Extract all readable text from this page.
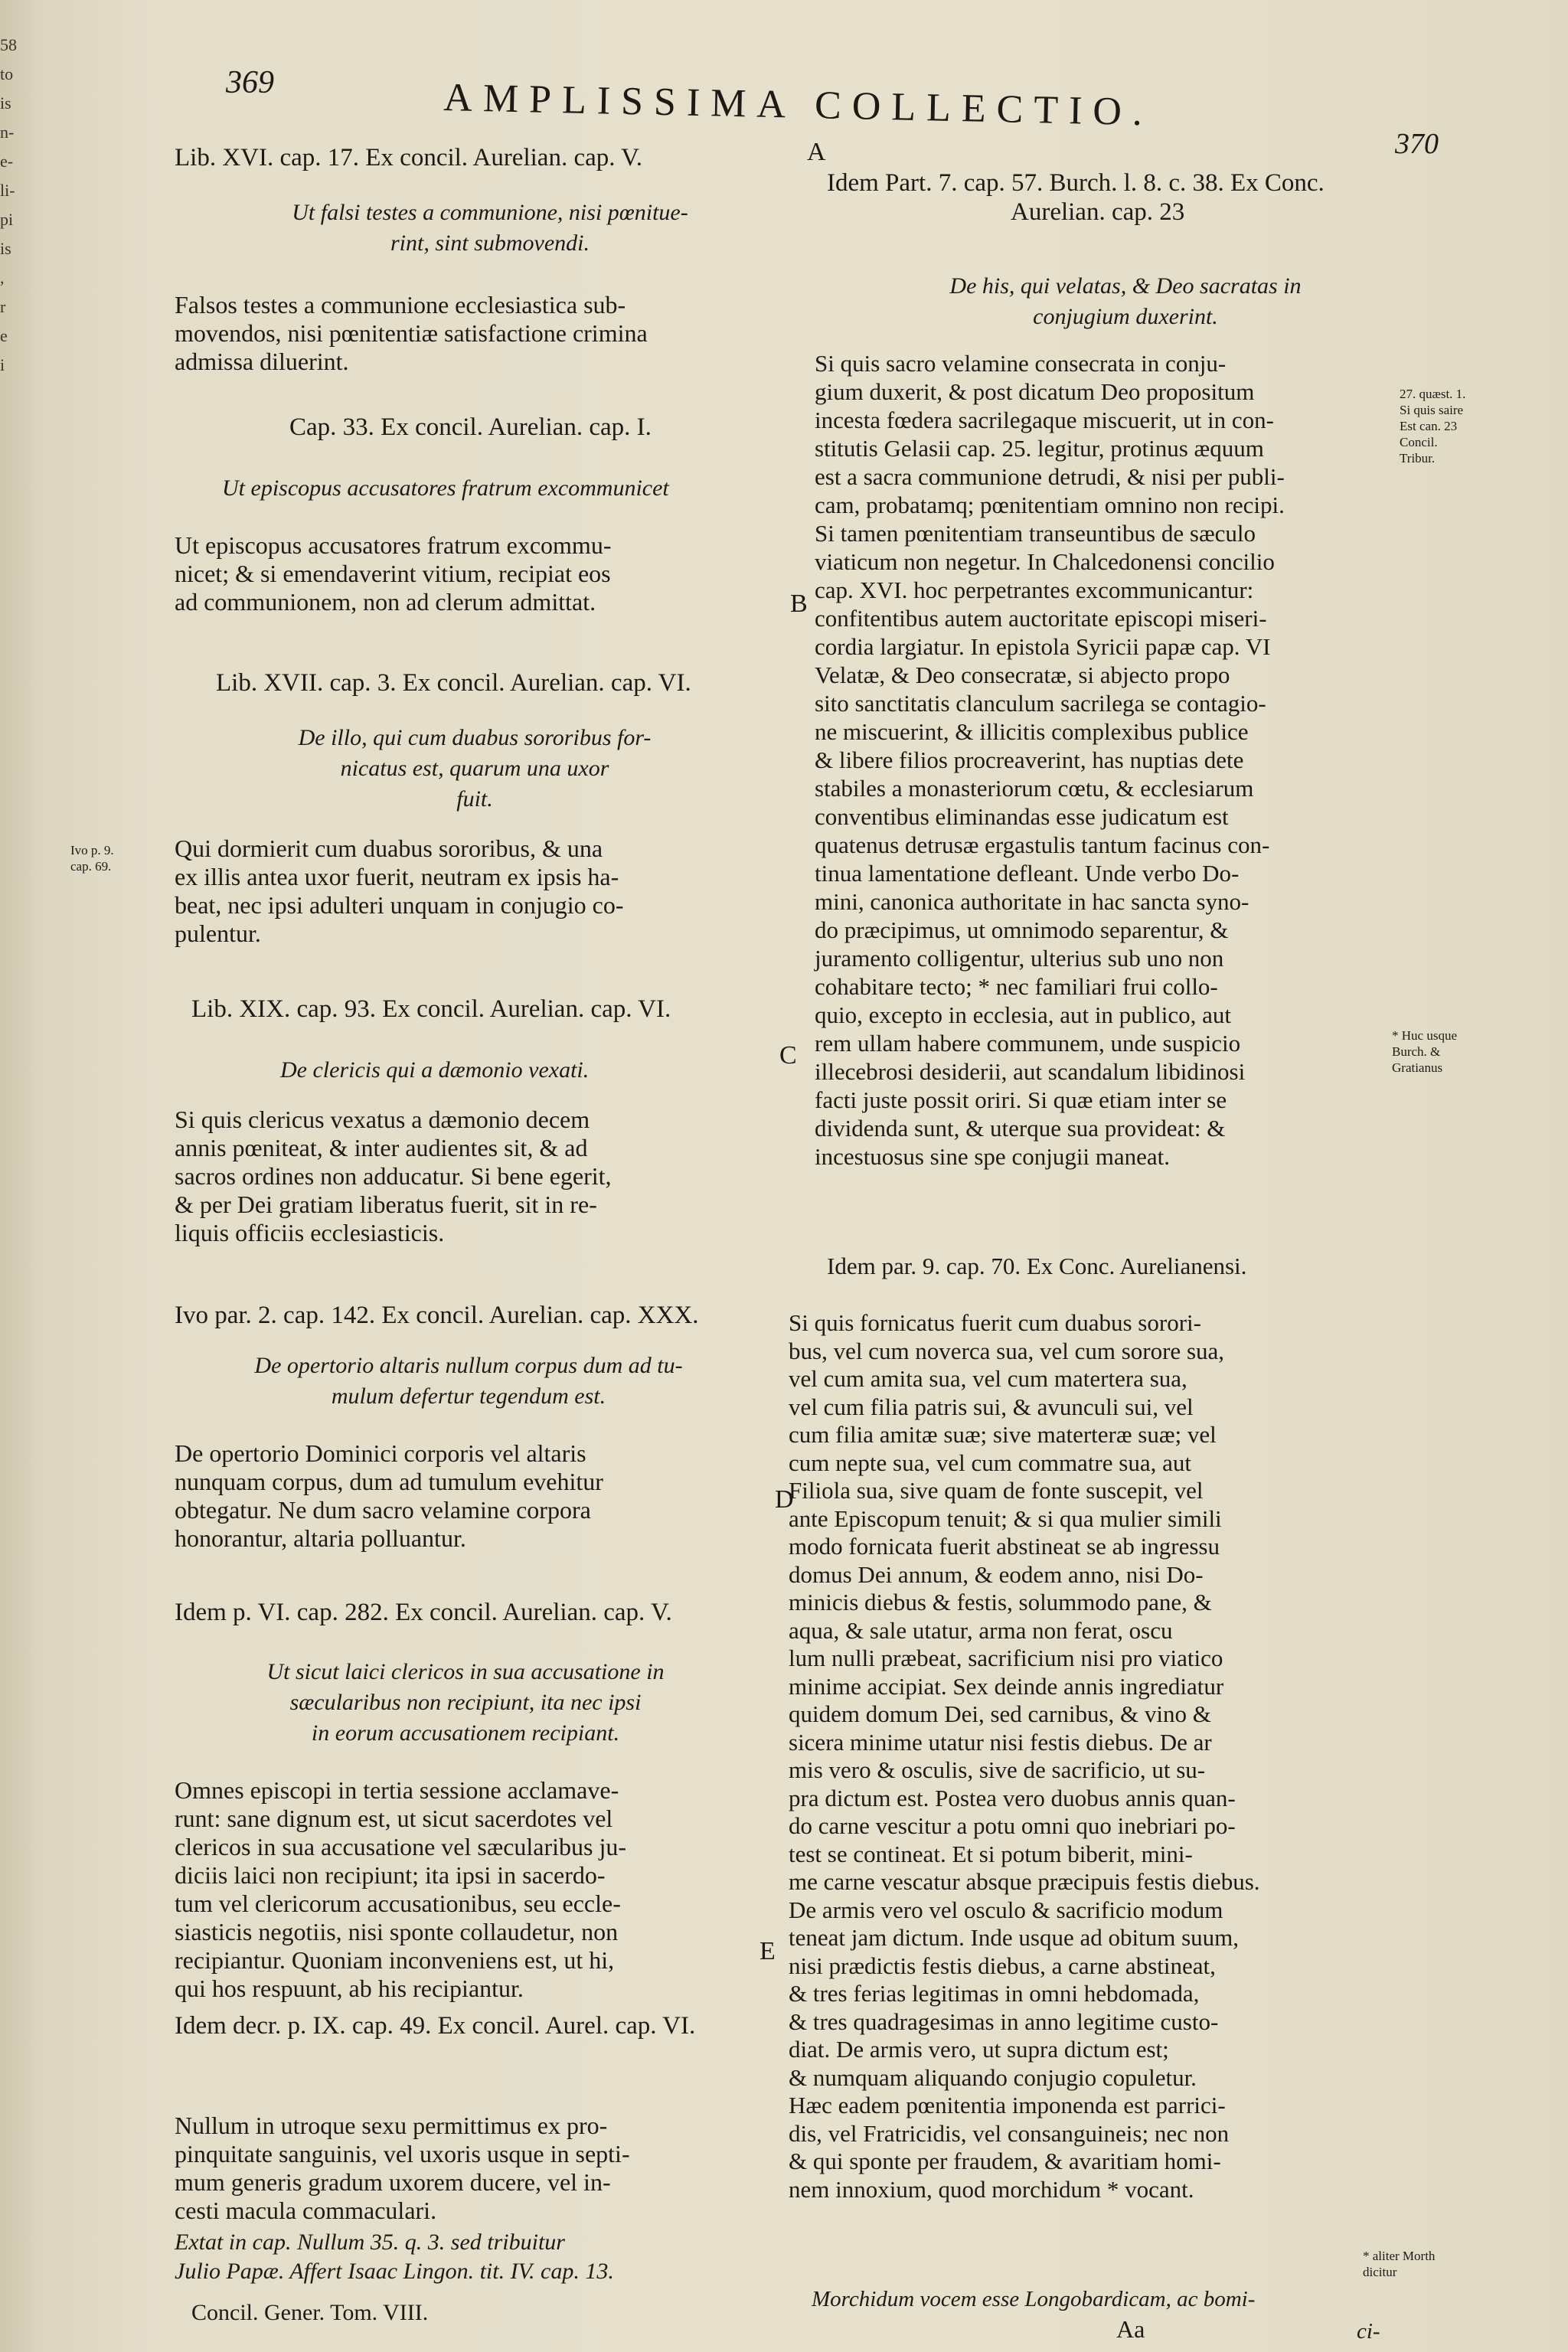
58
to
is
n-
e-
li-
pi
is
,
r
e
i
369	AMPLISSIMA COLLECTIO.
370
A
B
C
D
E
Lib. XVI. cap. 17. Ex concil. Aurelian. cap. V.
Ut falsi testes a communione, nisi pœnitue-
rint, sint submovendi.
Falsos testes a communione ecclesiastica sub-
movendos, nisi pœnitentiæ satisfactione crimina
admissa diluerint.
Cap. 33. Ex concil. Aurelian. cap. I.
Ut episcopus accusatores fratrum excommunicet
Ut episcopus accusatores fratrum excommu-
nicet; & si emendaverint vitium, recipiat eos
ad communionem, non ad clerum admittat.
Lib. XVII. cap. 3. Ex concil. Aurelian. cap. VI.
De illo, qui cum duabus sororibus for-
nicatus est, quarum una uxor
fuit.
Ivo p. 9.
cap. 69.
Qui dormierit cum duabus sororibus, & una
ex illis antea uxor fuerit, neutram ex ipsis ha-
beat, nec ipsi adulteri unquam in conjugio co-
pulentur.
Lib. XIX. cap. 93. Ex concil. Aurelian. cap. VI.
De clericis qui a dæmonio vexati.
Si quis clericus vexatus a dæmonio decem
annis pœniteat, & inter audientes sit, & ad
sacros ordines non adducatur. Si bene egerit,
& per Dei gratiam liberatus fuerit, sit in re-
liquis officiis ecclesiasticis.
Ivo par. 2. cap. 142. Ex concil. Aurelian. cap. XXX.
De opertorio altaris nullum corpus dum ad tu-
mulum defertur tegendum est.
De opertorio Dominici corporis vel altaris
nunquam corpus, dum ad tumulum evehitur
obtegatur. Ne dum sacro velamine corpora
honorantur, altaria polluantur.
Idem p. VI. cap. 282. Ex concil. Aurelian. cap. V.
Ut sicut laici clericos in sua accusatione in
sæcularibus non recipiunt, ita nec ipsi
in eorum accusationem recipiant.
Omnes episcopi in tertia sessione acclamave-
runt: sane dignum est, ut sicut sacerdotes vel
clericos in sua accusatione vel sæcularibus ju-
diciis laici non recipiunt; ita ipsi in sacerdo-
tum vel clericorum accusationibus, seu eccle-
siasticis negotiis, nisi sponte collaudetur, non
recipiantur. Quoniam inconveniens est, ut hi,
qui hos respuunt, ab his recipiantur.
Idem decr. p. IX. cap. 49. Ex concil. Aurel. cap. VI.
Nullum in utroque sexu permittimus ex pro-
pinquitate sanguinis, vel uxoris usque in septi-
mum generis gradum uxorem ducere, vel in-
cesti macula commaculari.
Extat in cap. Nullum 35. q. 3. sed tribuitur
Julio Papæ. Affert Isaac Lingon. tit. IV. cap. 13.
Concil. Gener. Tom. VIII.
Idem Part. 7. cap. 57. Burch. l. 8. c. 38. Ex Conc.
Aurelian. cap. 23
De his, qui velatas, & Deo sacratas in
conjugium duxerint.
27. quæst. 1.
Si quis saire
Est can. 23
Concil.
Tribur.
Si quis sacro velamine consecrata in conju-
gium duxerit, & post dicatum Deo propositum
incesta fœdera sacrilegaque miscuerit, ut in con-
stitutis Gelasii cap. 25. legitur, protinus æquum
est a sacra communione detrudi, & nisi per publi-
cam, probatamq; pœnitentiam omnino non recipi.
Si tamen pœnitentiam transeuntibus de sæculo
viaticum non negetur. In Chalcedonensi concilio
cap. XVI. hoc perpetrantes excommunicantur:
confitentibus autem auctoritate episcopi miseri-
cordia largiatur. In epistola Syricii papæ cap. VI
Velatæ, & Deo consecratæ, si abjecto propo
sito sanctitatis clanculum sacrilega se contagio-
ne miscuerint, & illicitis complexibus publice
& libere filios procreaverint, has nuptias dete
stabiles a monasteriorum cœtu, & ecclesiarum
conventibus eliminandas esse judicatum est
quatenus detrusæ ergastulis tantum facinus con-
tinua lamentatione defleant. Unde verbo Do-
mini, canonica authoritate in hac sancta syno-
do præcipimus, ut omnimodo separentur, &
juramento colligentur, ulterius sub uno non
cohabitare tecto; * nec familiari frui collo-
quio, excepto in ecclesia, aut in publico, aut
rem ullam habere communem, unde suspicio
illecebrosi desiderii, aut scandalum libidinosi
facti juste possit oriri. Si quæ etiam inter se
dividenda sunt, & uterque sua provideat: &
incestuosus sine spe conjugii maneat.
* Huc usque
Burch. &
Gratianus
Idem par. 9. cap. 70. Ex Conc. Aurelianensi.
Si quis fornicatus fuerit cum duabus sorori-
bus, vel cum noverca sua, vel cum sorore sua,
vel cum amita sua, vel cum matertera sua,
vel cum filia patris sui, & avunculi sui, vel
cum filia amitæ suæ; sive materteræ suæ; vel
cum nepte sua, vel cum commatre sua, aut
Filiola sua, sive quam de fonte suscepit, vel
ante Episcopum tenuit; & si qua mulier simili
modo fornicata fuerit abstineat se ab ingressu
domus Dei annum, & eodem anno, nisi Do-
minicis diebus & festis, solummodo pane, &
aqua, & sale utatur, arma non ferat, oscu
lum nulli præbeat, sacrificium nisi pro viatico
minime accipiat. Sex deinde annis ingrediatur
quidem domum Dei, sed carnibus, & vino &
sicera minime utatur nisi festis diebus. De ar
mis vero & osculis, sive de sacrificio, ut su-
pra dictum est. Postea vero duobus annis quan-
do carne vescitur a potu omni quo inebriari po-
test se contineat. Et si potum biberit, mini-
me carne vescatur absque præcipuis festis diebus.
De armis vero vel osculo & sacrificio modum
teneat jam dictum. Inde usque ad obitum suum,
nisi prædictis festis diebus, a carne abstineat,
& tres ferias legitimas in omni hebdomada,
& tres quadragesimas in anno legitime custo-
diat. De armis vero, ut supra dictum est;
& numquam aliquando conjugio copuletur.
Hæc eadem pœnitentia imponenda est parrici-
dis, vel Fratricidis, vel consanguineis; nec non
& qui sponte per fraudem, & avaritiam homi-
nem innoxium, quod morchidum * vocant.
* aliter Morth
dicitur
Morchidum vocem esse Longobardicam, ac bomi-
Aa	ci-
